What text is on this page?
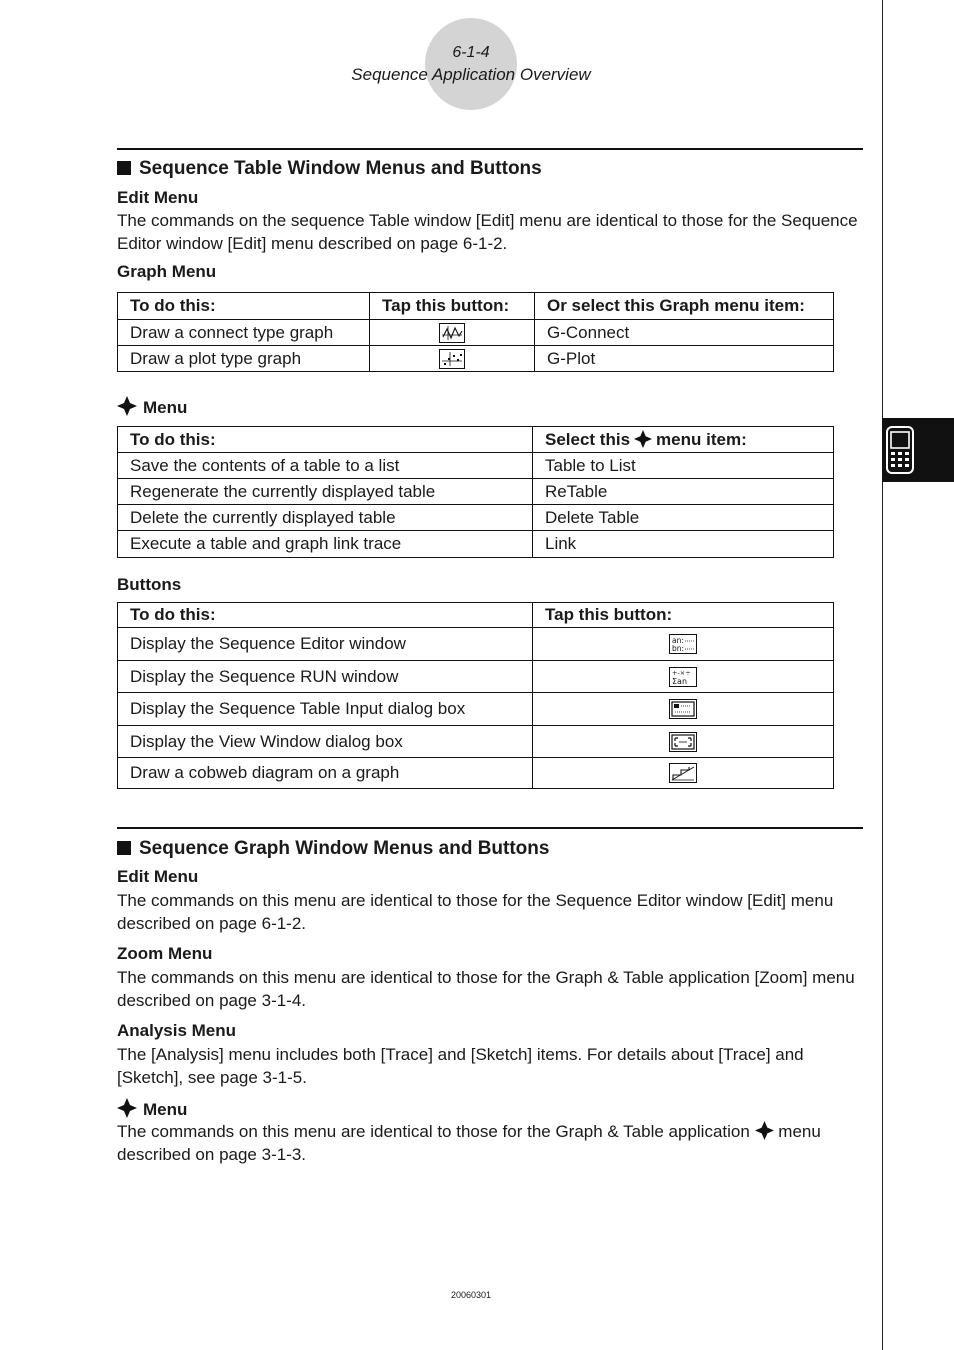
6-1-4
Sequence Application Overview
Sequence Table Window Menus and Buttons
Edit Menu

The commands on the sequence Table window [Edit] menu are identical to those for the Sequence Editor window [Edit] menu described on page 6-1-2.

Graph Menu
To do this:	Tap this button:	Or select this Graph menu item:
Draw a connect type graph		G-Connect
Draw a plot type graph		G-Plot
Menu
To do this:	Select this menu item:
Save the contents of a table to a list	Table to List
Regenerate the currently displayed table	ReTable
Delete the currently displayed table	Delete Table
Execute a table and graph link trace	Link
Buttons
To do this:	Tap this button:
Display the Sequence Editor window	an:
bn:

Display the Sequence RUN window	+-×÷
Σan

Display the Sequence Table Input dialog box	
Display the View Window dialog box	
Draw a cobweb diagram on a graph	
Sequence Graph Window Menus and Buttons
Edit Menu

The commands on this menu are identical to those for the Sequence Editor window [Edit] menu described on page 6-1-2.

Zoom Menu

The commands on this menu are identical to those for the Graph & Table application [Zoom] menu described on page 3-1-4.

Analysis Menu

The [Analysis] menu includes both [Trace] and [Sketch] items. For details about [Trace] and [Sketch], see page 3-1-5.

Menu

The commands on this menu are identical to those for the Graph & Table application menu described on page 3-1-3.

20060301
